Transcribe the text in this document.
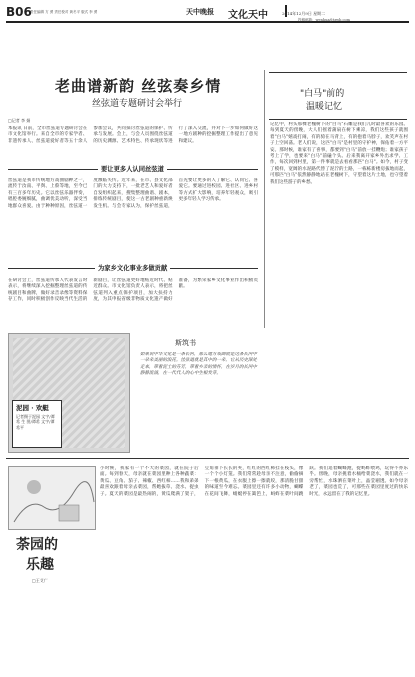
B06
责任编辑 方 勇 责任校对 黄冬平 版式 李 勇	天中晚报 文化天中	2014年12月9日 星期二
投稿邮箱：wenhua@tzwb.com
老曲谱新韵 丝弦奏乡情
丝弦道专题研讨会举行
"白马"前的
温暖记忆
□记者 李 娟
本报讯 日前，全市丝弦道专题研讨会在市文化馆举行。来自全市的专家学者、非遗传承人、丝弦道爱好者等五十余人参加会议，共同探讨丝弦道的保护、传承与发展。会上，与会人员围绕丝弦道的历史渊源、艺术特色、传承现状等进行了深入交流，并对下一步如何做好这一地方剧种的挖掘整理工作提出了意见和建议。
要让更多人认同丝弦道
丝弦道是我市传统地方戏曲剧种之一，流传于汝南、平舆、上蔡等地，至今已有三百多年历史。它以丝弦乐器伴奏，唱腔委婉细腻，曲调优美动听，深受当地群众喜爱。由于种种原因，丝弦道一度濒临失传。近年来，在市、县文化部门的大力支持下，一批老艺人和爱好者自发组织起来，搜集整理曲谱、剧本，排练传统剧目，使这一古老剧种重新焕发生机。与会专家认为，保护丝弦道，首先要让更多的人了解它、认同它、喜爱它。要通过进校园、进社区、进乡村等方式扩大影响，培养年轻观众，吸引更多年轻人学习传承。
为家乡文化事业多做贡献
在研讨会上，丝弦道传承人代表发言时表示，将继续深入挖掘整理丝弦道的传统剧目和曲牌，做好录音录像等资料保存工作，同时积极创作反映当代生活的新剧目，让丝弦道更好地贴近时代、贴近群众。市文化馆负责人表示，将把丝弦道列入重点保护项目，加大扶持力度，为其申报省级非物质文化遗产做好准备，为繁荣家乡文化事业作出积极贡献。
泥园 · 欢艇
记者摄于泥园 文字/谭希 生 图/谭希 文字/谭希平
斯筑书
如果说中华文化是一条长河，那么地方戏曲就是这条长河中一朵朵美丽的浪花。丝弦道就是其中的一朵，它从历史深处走来，带着泥土的芬芳，带着乡亲的情怀，在岁月的长河中静静流淌，在一代代人的心中生根发芽。
记忆中，村头那棵老槐树下的"白马"石雕是我们儿时最喜欢的乐园。每到夏天的傍晚，大人们摇着蒲扇在树下乘凉，我们这些孩子就围着"白马"嬉戏打闹，有的骑在马背上，有的抱着马脖子，欢笑声在村子上空回荡。老人们说，这匹"白马"是村里的守护神，保佑着一方平安。那时候，谁家有了喜事，都要到"白马"前放一挂鞭炮；谁家孩子考上了学，也要来"白马"前磕个头。后来我离开家乡外出求学、工作，每次回到村里，第一件事就是去看看那匹"白马"。如今，村子变了模样，宽阔的水泥路代替了泥泞的土路，一栋栋新楼房拔地而起，可那匹"白马"依然静静地站在老槐树下，守望着这片土地，也守望着我们这些游子的乡愁。
荼园的
乐趣
□王艾广
小时候，我家有一个不大的菜园，就在院子后面。每到春天，母亲就在菜园里种上各种蔬菜：黄瓜、豆角、茄子、辣椒、西红柿……我和弟弟最喜欢跟着母亲去菜园，帮她拔草、浇水、捉虫子。夏天的菜园是最热闹的，黄瓜爬满了架子，豆角垂下长长的荚，红红的西红柿挂在枝头，像一个个小灯笼。我们常常趁母亲不注意，偷偷摘下一根黄瓜，在衣服上擦一擦就咬，那清脆甘甜的味道至今难忘。菜园里还有许多小动物，蝴蝶在花间飞舞，蜻蜓停在篱笆上，蚂蚱在菜叶间跳跃。我们追着蝴蝶跑，捉蚂蚱喂鸡，玩得不亦乐乎。傍晚，母亲挑着水桶给菜浇水，我们就在一旁帮忙，水珠洒在菜叶上，晶莹剔透。如今母亲老了，菜园也荒了，可那些在菜园里度过的快乐时光，永远留在了我的记忆里。
